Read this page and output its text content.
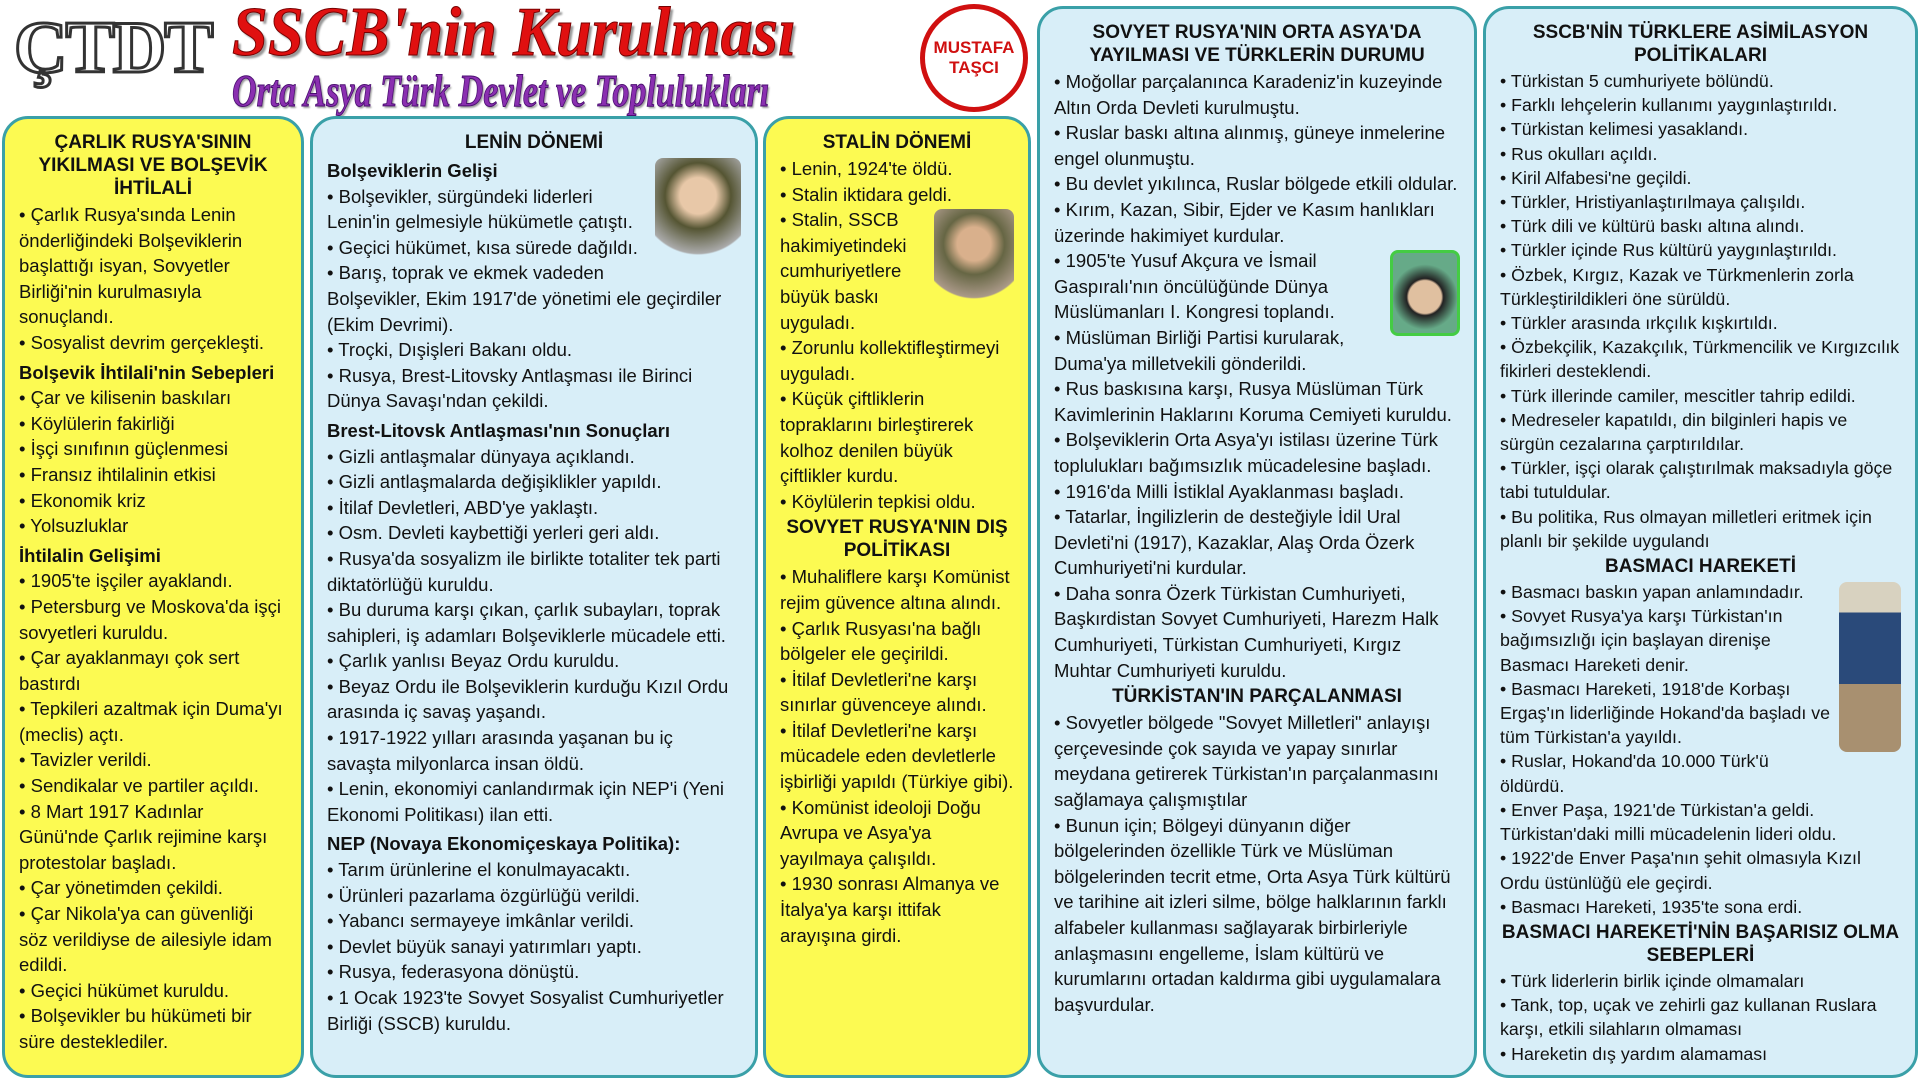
ÇTDT SSCB'nin Kurulması
Orta Asya Türk Devlet ve Toplulukları
MUSTAFA TAŞCI
ÇARLIK RUSYA'SININ YIKILMASI VE BOLŞEVİK İHTİLALİ
• Çarlık Rusya'sında Lenin önderliğindeki Bolşeviklerin başlattığı isyan, Sovyetler Birliği'nin kurulmasıyla sonuçlandı.
• Sosyalist devrim gerçekleşti.
Bolşevik İhtilali'nin Sebepleri
• Çar ve kilisenin baskıları
• Köylülerin fakirliği
• İşçi sınıfının güçlenmesi
• Fransız ihtilalinin etkisi
• Ekonomik kriz
• Yolsuzluklar
İhtilalin Gelişimi
• 1905'te işçiler ayaklandı.
• Petersburg ve Moskova'da işçi sovyetleri kuruldu.
• Çar ayaklanmayı çok sert bastırdı
• Tepkileri azaltmak için Duma'yı (meclis) açtı.
• Tavizler verildi.
• Sendikalar ve partiler açıldı.
• 8 Mart 1917 Kadınlar Günü'nde Çarlık rejimine karşı protestolar başladı.
• Çar yönetimden çekildi.
• Çar Nikola'ya can güvenliği söz verildiyse de ailesiyle idam edildi.
• Geçici hükümet kuruldu.
• Bolşevikler bu hükümeti bir süre desteklediler.
LENİN DÖNEMİ
Bolşeviklerin Gelişi
• Bolşevikler, sürgündeki liderleri Lenin'in gelmesiyle hükümetle çatıştı.
• Geçici hükümet, kısa sürede dağıldı.
• Barış, toprak ve ekmek vadeden Bolşevikler, Ekim 1917'de yönetimi ele geçirdiler (Ekim Devrimi).
• Troçki, Dışişleri Bakanı oldu.
• Rusya, Brest-Litovsky Antlaşması ile Birinci Dünya Savaşı'ndan çekildi.
Brest-Litovsk Antlaşması'nın Sonuçları
• Gizli antlaşmalar dünyaya açıklandı.
• Gizli antlaşmalarda değişiklikler yapıldı.
• İtilaf Devletleri, ABD'ye yaklaştı.
• Osm. Devleti kaybettiği yerleri geri aldı.
• Rusya'da sosyalizm ile birlikte totaliter tek parti diktatörlüğü kuruldu.
• Bu duruma karşı çıkan, çarlık subayları, toprak sahipleri, iş adamları Bolşeviklerle mücadele etti.
• Çarlık yanlısı Beyaz Ordu kuruldu.
• Beyaz Ordu ile Bolşeviklerin kurduğu Kızıl Ordu arasında iç savaş yaşandı.
• 1917-1922 yılları arasında yaşanan bu iç savaşta milyonlarca insan öldü.
• Lenin, ekonomiyi canlandırmak için NEP'i (Yeni Ekonomi Politikası) ilan etti.
NEP (Novaya Ekonomiçeskaya Politika):
• Tarım ürünlerine el konulmayacaktı.
• Ürünleri pazarlama özgürlüğü verildi.
• Yabancı sermayeye imkânlar verildi.
• Devlet büyük sanayi yatırımları yaptı.
• Rusya, federasyona dönüştü.
• 1 Ocak 1923'te Sovyet Sosyalist Cumhuriyetler Birliği (SSCB) kuruldu.
STALİN DÖNEMİ
• Lenin, 1924'te öldü.
• Stalin iktidara geldi.
• Stalin, SSCB hakimiyetindeki cumhuriyetlere büyük baskı uyguladı.
• Zorunlu kollektifleştirmeyi uyguladı.
• Küçük çiftliklerin topraklarını birleştirerek kolhoz denilen büyük çiftlikler kurdu.
• Köylülerin tepkisi oldu.
SOVYET RUSYA'NIN DIŞ POLİTİKASI
• Muhaliflere karşı Komünist rejim güvence altına alındı.
• Çarlık Rusyası'na bağlı bölgeler ele geçirildi.
• İtilaf Devletleri'ne karşı sınırlar güvenceye alındı.
• İtilaf Devletleri'ne karşı mücadele eden devletlerle işbirliği yapıldı (Türkiye gibi).
• Komünist ideoloji Doğu Avrupa ve Asya'ya yayılmaya çalışıldı.
• 1930 sonrası Almanya ve İtalya'ya karşı ittifak arayışına girdi.
SOVYET RUSYA'NIN ORTA ASYA'DA YAYILMASI VE TÜRKLERİN DURUMU
• Moğollar parçalanınca Karadeniz'in kuzeyinde Altın Orda Devleti kurulmuştu.
• Ruslar baskı altına alınmış, güneye inmelerine engel olunmuştu.
• Bu devlet yıkılınca, Ruslar bölgede etkili oldular.
• Kırım, Kazan, Sibir, Ejder ve Kasım hanlıkları üzerinde hakimiyet kurdular.
• 1905'te Yusuf Akçura ve İsmail Gaspıralı'nın öncülüğünde Dünya Müslümanları I. Kongresi toplandı.
• Müslüman Birliği Partisi kurularak, Duma'ya milletvekili gönderildi.
• Rus baskısına karşı, Rusya Müslüman Türk Kavimlerinin Haklarını Koruma Cemiyeti kuruldu.
• Bolşeviklerin Orta Asya'yı istilası üzerine Türk toplulukları bağımsızlık mücadelesine başladı.
• 1916'da Milli İstiklal Ayaklanması başladı.
• Tatarlar, İngilizlerin de desteğiyle İdil Ural Devleti'ni (1917), Kazaklar, Alaş Orda Özerk Cumhuriyeti'ni kurdular.
• Daha sonra Özerk Türkistan Cumhuriyeti, Başkırdistan Sovyet Cumhuriyeti, Harezm Halk Cumhuriyeti, Türkistan Cumhuriyeti, Kırgız Muhtar Cumhuriyeti kuruldu.
TÜRKİSTAN'IN PARÇALANMASI
• Sovyetler bölgede "Sovyet Milletleri" anlayışı çerçevesinde çok sayıda ve yapay sınırlar meydana getirerek Türkistan'ın parçalanmasını sağlamaya çalışmıştılar
• Bunun için; Bölgeyi dünyanın diğer bölgelerinden özellikle Türk ve Müslüman bölgelerinden tecrit etme, Orta Asya Türk kültürü ve tarihine ait izleri silme, bölge halklarının farklı alfabeler kullanması sağlayarak birbirleriyle anlaşmasını engelleme, İslam kültürü ve kurumlarını ortadan kaldırma gibi uygulamalara başvurdular.
SSCB'NİN TÜRKLERE ASİMİLASYON POLİTİKALARI
• Türkistan 5 cumhuriyete bölündü.
• Farklı lehçelerin kullanımı yaygınlaştırıldı.
• Türkistan kelimesi yasaklandı.
• Rus okulları açıldı.
• Kiril Alfabesi'ne geçildi.
• Türkler, Hristiyanlaştırılmaya çalışıldı.
• Türk dili ve kültürü baskı altına alındı.
• Türkler içinde Rus kültürü yaygınlaştırıldı.
• Özbek, Kırgız, Kazak ve Türkmenlerin zorla Türkleştirildikleri öne sürüldü.
• Türkler arasında ırkçılık kışkırtıldı.
• Özbekçilik, Kazakçılık, Türkmencilik ve Kırgızcılık fikirleri desteklendi.
• Türk illerinde camiler, mescitler tahrip edildi.
• Medreseler kapatıldı, din bilginleri hapis ve sürgün cezalarına çarptırıldılar.
• Türkler, işçi olarak çalıştırılmak maksadıyla göçe tabi tutuldular.
• Bu politika, Rus olmayan milletleri eritmek için planlı bir şekilde uygulandı
BASMACI HAREKETİ
• Basmacı baskın yapan anlamındadır.
• Sovyet Rusya'ya karşı Türkistan'ın bağımsızlığı için başlayan direnişe Basmacı Hareketi denir.
• Basmacı Hareketi, 1918'de Korbaşı Ergaş'ın liderliğinde Hokand'da başladı ve tüm Türkistan'a yayıldı.
• Ruslar, Hokand'da 10.000 Türk'ü öldürdü.
• Enver Paşa, 1921'de Türkistan'a geldi. Türkistan'daki milli mücadelenin lideri oldu.
• 1922'de Enver Paşa'nın şehit olmasıyla Kızıl Ordu üstünlüğü ele geçirdi.
• Basmacı Hareketi, 1935'te sona erdi.
BASMACI HAREKETİ'NİN BAŞARISIZ OLMA SEBEPLERİ
• Türk liderlerin birlik içinde olmamaları
• Tank, top, uçak ve zehirli gaz kullanan Ruslara karşı, etkili silahların olmaması
• Hareketin dış yardım alamaması
